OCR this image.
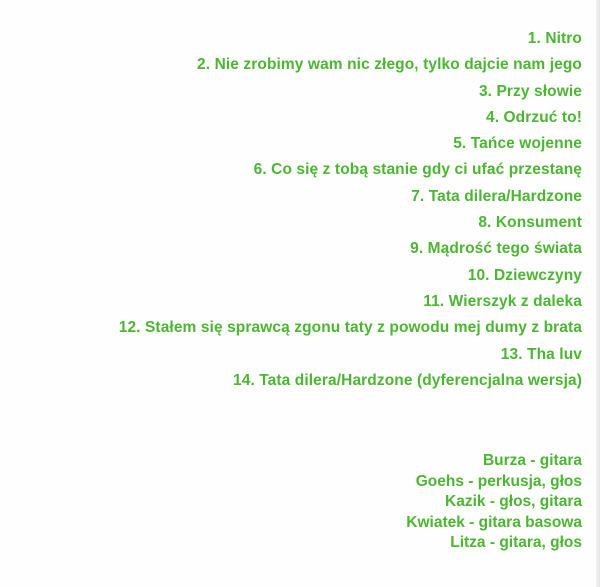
1. Nitro
2. Nie zrobimy wam nic złego, tylko dajcie nam jego
3. Przy słowie
4. Odrzuć to!
5. Tańce wojenne
6. Co się z tobą stanie gdy ci ufać przestanę
7. Tata dilera/Hardzone
8. Konsument
9. Mądrość tego świata
10. Dziewczyny
11. Wierszyk z daleka
12. Stałem się sprawcą zgonu taty z powodu mej dumy z brata
13. Tha luv
14. Tata dilera/Hardzone (dyferencjalna wersja)
Burza - gitara
Goehs - perkusja, głos
Kazik - głos, gitara
Kwiatek - gitara basowa
Litza - gitara, głos
